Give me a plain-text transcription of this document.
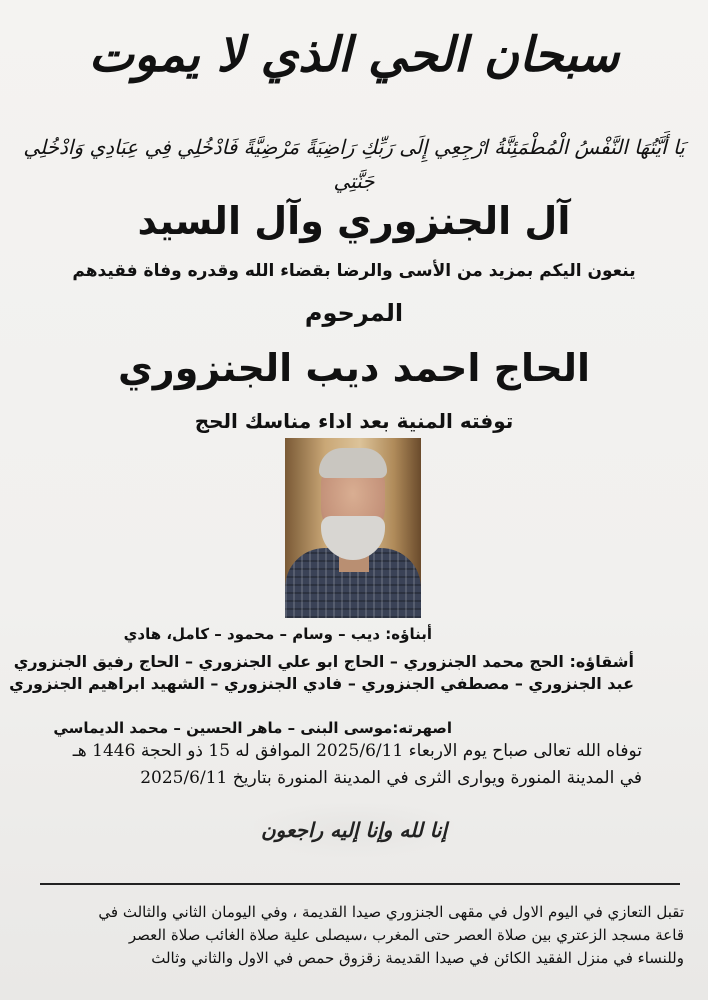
سبحان الحي الذي لا يموت
يَا أَيَّتُهَا النَّفْسُ الْمُطْمَئِنَّةُ ارْجِعِي إِلَى رَبِّكِ رَاضِيَةً مَرْضِيَّةً فَادْخُلِي فِي عِبَادِي وَادْخُلِي جَنَّتِي
آل الجنزوري وآل السيد
ينعون اليكم بمزيد من الأسى والرضا بقضاء الله وقدره وفاة فقيدهم
المرحوم
الحاج احمد ديب الجنزوري
توفته المنية بعد اداء مناسك الحج
أبناؤه: ديب – وسام – محمود – كامل، هادي
أشقاؤه: الحج محمد الجنزوري – الحاج ابو علي الجنزوري – الحاج رفيق الجنزوري
عبد الجنزوري – مصطفي الجنزوري – فادي الجنزوري – الشهيد ابراهيم الجنزوري
اصهرته:موسى البنى – ماهر الحسين – محمد الديماسي
توفاه الله تعالى صباح يوم الاربعاء 2025/6/11 الموافق له 15 ذو الحجة 1446 هـ
في المدينة المنورة ويوارى الثرى في المدينة المنورة بتاريخ 2025/6/11
إنا لله وإنا إليه راجعون
تقبل التعازي في اليوم الاول في مقهى الجنزوري صيدا القديمة ، وفي اليومان الثاني والثالث في
قاعة مسجد الزعتري بين صلاة العصر حتى المغرب ،سيصلى علية صلاة الغائب صلاة العصر
وللنساء في منزل الفقيد الكائن في صيدا القديمة زقزوق حمص في الاول والثاني وثالث
